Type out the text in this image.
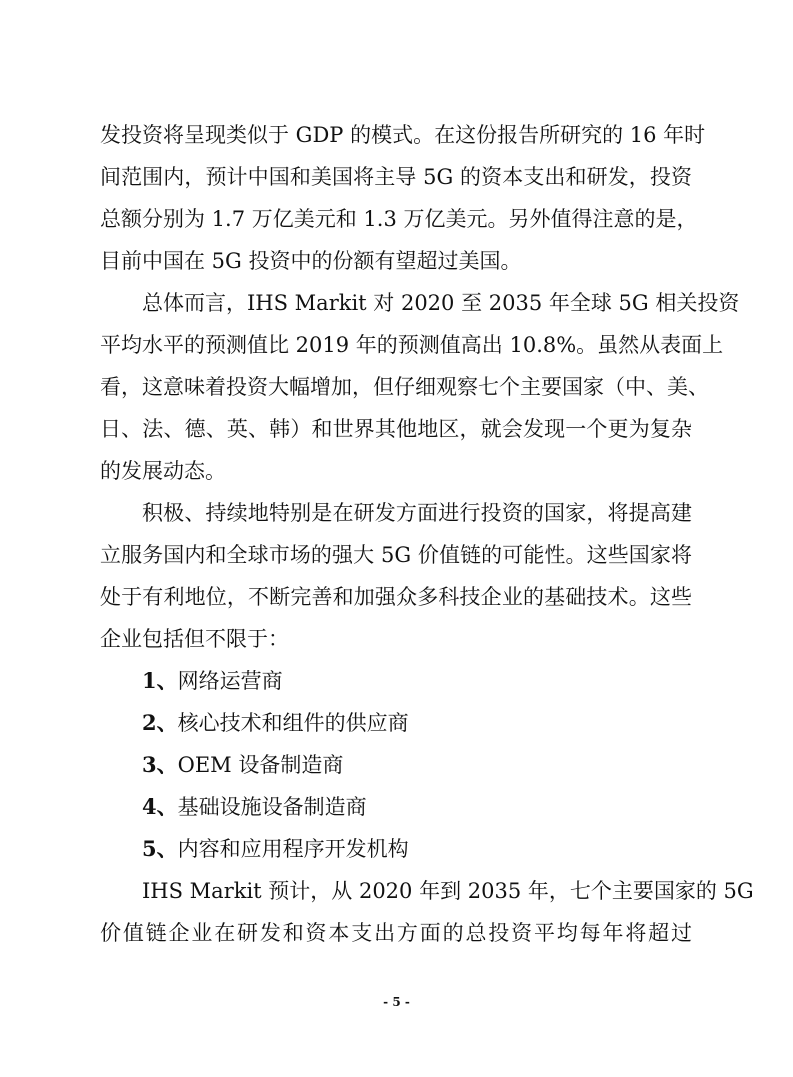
发投资将呈现类似于 GDP 的模式。在这份报告所研究的 16 年时
间范围内，预计中国和美国将主导 5G 的资本支出和研发，投资
总额分别为 1.7 万亿美元和 1.3 万亿美元。另外值得注意的是，
目前中国在 5G 投资中的份额有望超过美国。
总体而言，IHS Markit 对 2020 至 2035 年全球 5G 相关投资
平均水平的预测值比 2019 年的预测值高出 10.8%。虽然从表面上
看，这意味着投资大幅增加，但仔细观察七个主要国家（中、美、
日、法、德、英、韩）和世界其他地区，就会发现一个更为复杂
的发展动态。
积极、持续地特别是在研发方面进行投资的国家，将提高建
立服务国内和全球市场的强大 5G 价值链的可能性。这些国家将
处于有利地位，不断完善和加强众多科技企业的基础技术。这些
企业包括但不限于：
1、网络运营商
2、核心技术和组件的供应商
3、OEM 设备制造商
4、基础设施设备制造商
5、内容和应用程序开发机构
IHS Markit 预计，从 2020 年到 2035 年，七个主要国家的 5G
价值链企业在研发和资本支出方面的总投资平均每年将超过
- 5 -
